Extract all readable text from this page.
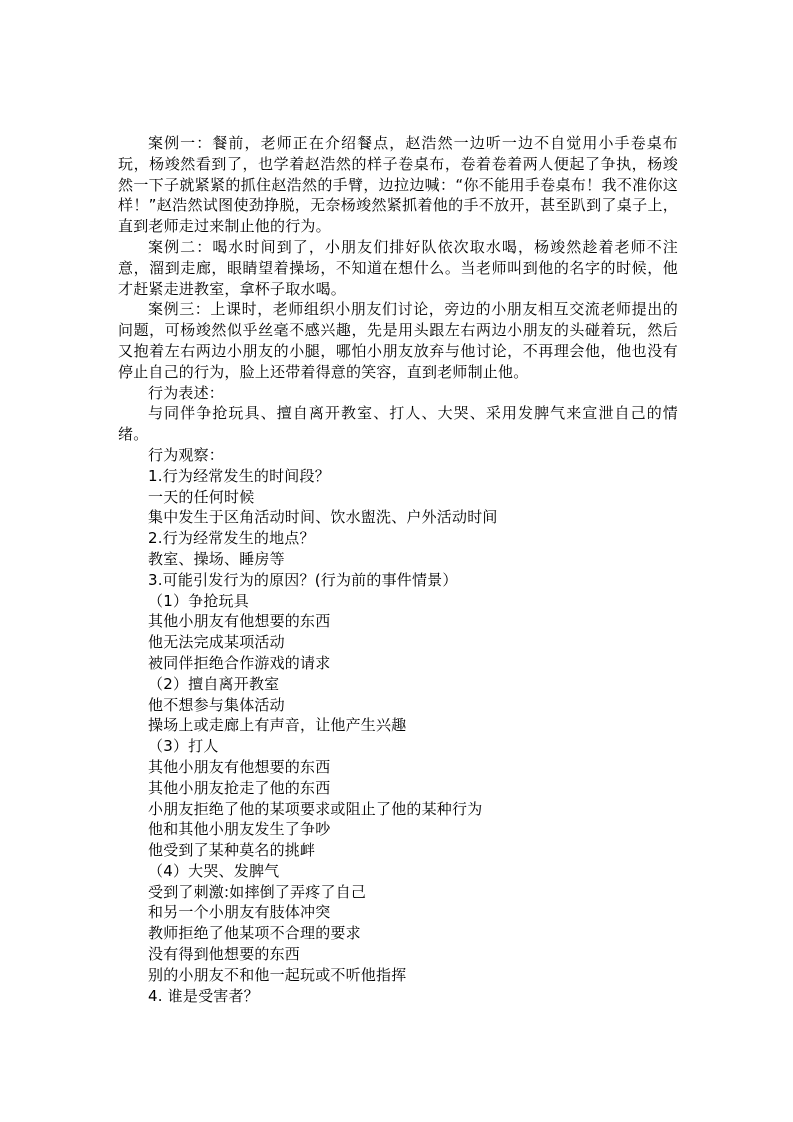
案例一：餐前，老师正在介绍餐点，赵浩然一边听一边不自觉用小手卷桌布玩，杨竣然看到了，也学着赵浩然的样子卷桌布，卷着卷着两人便起了争执，杨竣然一下子就紧紧的抓住赵浩然的手臂，边拉边喊：“你不能用手卷桌布！我不准你这样！”赵浩然试图使劲挣脱，无奈杨竣然紧抓着他的手不放开，甚至趴到了桌子上，直到老师走过来制止他的行为。

案例二：喝水时间到了，小朋友们排好队依次取水喝，杨竣然趁着老师不注意，溜到走廊，眼睛望着操场，不知道在想什么。当老师叫到他的名字的时候，他才赶紧走进教室，拿杯子取水喝。

案例三：上课时，老师组织小朋友们讨论，旁边的小朋友相互交流老师提出的问题，可杨竣然似乎丝毫不感兴趣，先是用头跟左右两边小朋友的头碰着玩，然后又抱着左右两边小朋友的小腿，哪怕小朋友放弃与他讨论，不再理会他，他也没有停止自己的行为，脸上还带着得意的笑容，直到老师制止他。

行为表述：

与同伴争抢玩具、擅自离开教室、打人、大哭、采用发脾气来宣泄自己的情绪。

行为观察：

1.行为经常发生的时间段？

一天的任何时候

集中发生于区角活动时间、饮水盥洗、户外活动时间

2.行为经常发生的地点？

教室、操场、睡房等

3.可能引发行为的原因？(行为前的事件情景）

（1）争抢玩具

其他小朋友有他想要的东西

他无法完成某项活动

被同伴拒绝合作游戏的请求

（2）擅自离开教室

他不想参与集体活动

操场上或走廊上有声音，让他产生兴趣

（3）打人

其他小朋友有他想要的东西

其他小朋友抢走了他的东西

小朋友拒绝了他的某项要求或阻止了他的某种行为

他和其他小朋友发生了争吵

他受到了某种莫名的挑衅

（4）大哭、发脾气

受到了刺激:如摔倒了弄疼了自己

和另一个小朋友有肢体冲突

教师拒绝了他某项不合理的要求

没有得到他想要的东西

别的小朋友不和他一起玩或不听他指挥

4. 谁是受害者？
